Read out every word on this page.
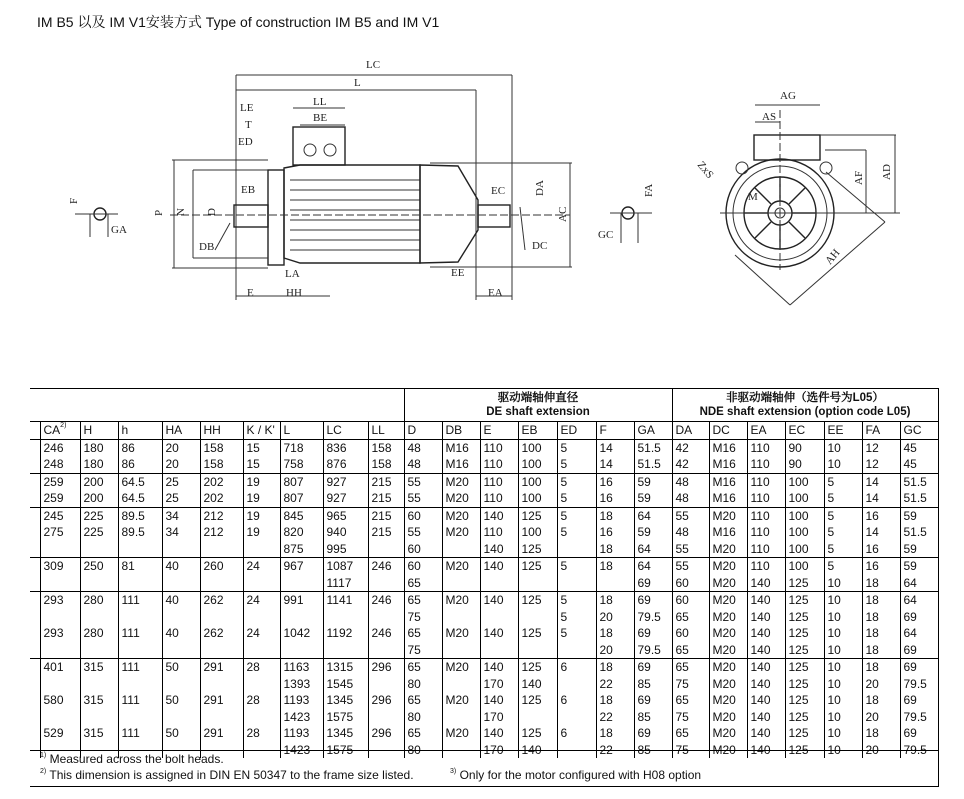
IM B5 以及 IM V1安装方式 Type of construction IM B5 and IM V1
LC
L
LL
BE
LE
T
ED
EB
P N D
DB
LA
E	HH
EC	DA
AC
DC
EE
EA
F
GA
FA
GC
AG
AS
AF AD
ZxS
M
AH
										驱动端轴伸直径
DE shaft extension							非驱动端轴伸（选件号为L05）
NDE shaft extension (option code L05)						
	CA$^{2)}$	H	h	HA	HH	K / K'	L	LC	LL	D	DB	E	EB	ED	F	GA	DA	DC	EA	EC	EE	FA	GC
	246	180	86	20	158	15	718	836	158	48	M16	110	100	5	14	51.5	42	M16	110	90	10	12	45
	248	180	86	20	158	15	758	876	158	48	M16	110	100	5	14	51.5	42	M16	110	90	10	12	45
	259	200	64.5	25	202	19	807	927	215	55	M20	110	100	5	16	59	48	M16	110	100	5	14	51.5
	259	200	64.5	25	202	19	807	927	215	55	M20	110	100	5	16	59	48	M16	110	100	5	14	51.5
	245	225	89.5	34	212	19	845	965	215	60	M20	140	125	5	18	64	55	M20	110	100	5	16	59
	275	225	89.5	34	212	19	820	940	215	55	M20	110	100	5	16	59	48	M16	110	100	5	14	51.5
							875	995		60		140	125		18	64	55	M20	110	100	5	16	59
	309	250	81	40	260	24	967	1087	246	60	M20	140	125	5	18	64	55	M20	110	100	5	16	59
								1117		65						69	60	M20	140	125	10	18	64
	293	280	111	40	262	24	991	1141	246	65	M20	140	125	5	18	69	60	M20	140	125	10	18	64
										75				5	20	79.5	65	M20	140	125	10	18	69
	293	280	111	40	262	24	1042	1192	246	65	M20	140	125	5	18	69	60	M20	140	125	10	18	64
										75					20	79.5	65	M20	140	125	10	18	69
	401	315	111	50	291	28	1163	1315	296	65	M20	140	125	6	18	69	65	M20	140	125	10	18	69
							1393	1545		80		170	140		22	85	75	M20	140	125	10	20	79.5
	580	315	111	50	291	28	1193	1345	296	65	M20	140	125	6	18	69	65	M20	140	125	10	18	69
							1423	1575		80		170			22	85	75	M20	140	125	10	20	79.5
	529	315	111	50	291	28	1193	1345	296	65	M20	140	125	6	18	69	65	M20	140	125	10	18	69
							1423	1575		80		170	140		22	85	75	M20	140	125	10	20	79.5
$^{1)}$ Measured across the bolt heads.
$^{2)}$ This dimension is assigned in DIN EN 50347 to the frame size listed.	$^{3)}$ Only for the motor configured with H08 option
